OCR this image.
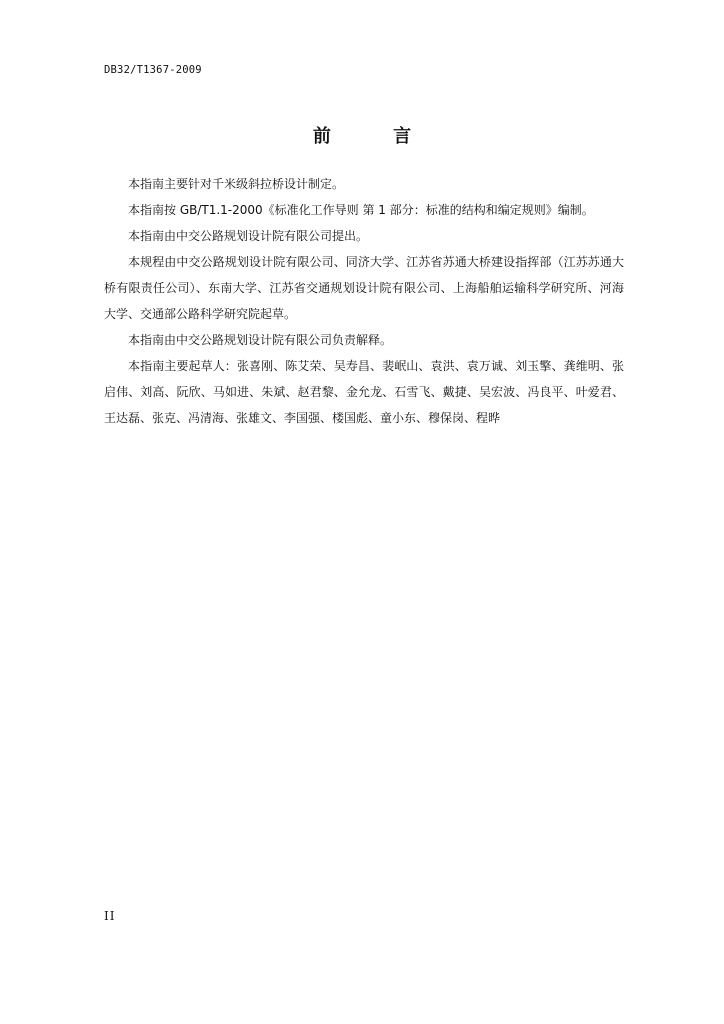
DB32/T1367-2009
前 言

本指南主要针对千米级斜拉桥设计制定。

本指南按 GB/T1.1-2000《标准化工作导则 第 1 部分：标准的结构和编定规则》编制。

本指南由中交公路规划设计院有限公司提出。

本规程由中交公路规划设计院有限公司、同济大学、江苏省苏通大桥建设指挥部（江苏苏通大桥有限责任公司）、东南大学、江苏省交通规划设计院有限公司、上海船舶运输科学研究所、河海大学、交通部公路科学研究院起草。

本指南由中交公路规划设计院有限公司负责解释。

本指南主要起草人：张喜刚、陈艾荣、吴寿昌、裴岷山、袁洪、袁万诚、刘玉擎、龚维明、张启伟、刘高、阮欣、马如进、朱斌、赵君黎、金允龙、石雪飞、戴捷、吴宏波、冯良平、叶爱君、王达磊、张克、冯清海、张雄文、李国强、楼国彪、童小东、穆保岗、程晔

II
